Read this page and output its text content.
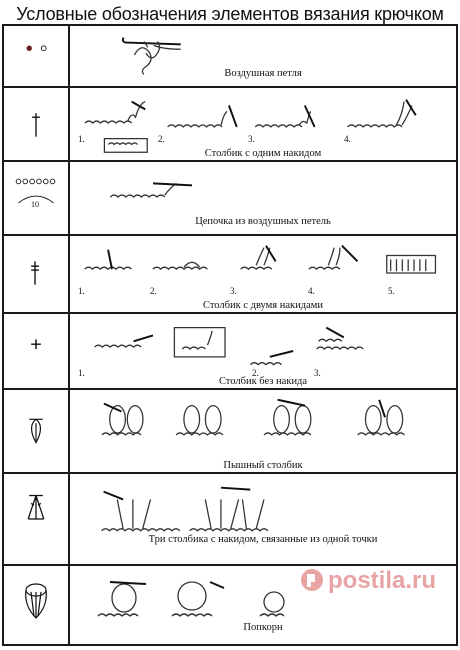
Условные обозначения элементов вязания крючком
Воздушная петля
1.	2.	3.	4.
Столбик с одним накидом
10
Цепочка из воздушных петель
1.	2.	3.	4.	5.
Столбик с двумя накидами
1.	2.	3.
Столбик без накида
Пышный столбик
Три столбика с накидом, связанные из одной точки
Попкорн
postila.ru
